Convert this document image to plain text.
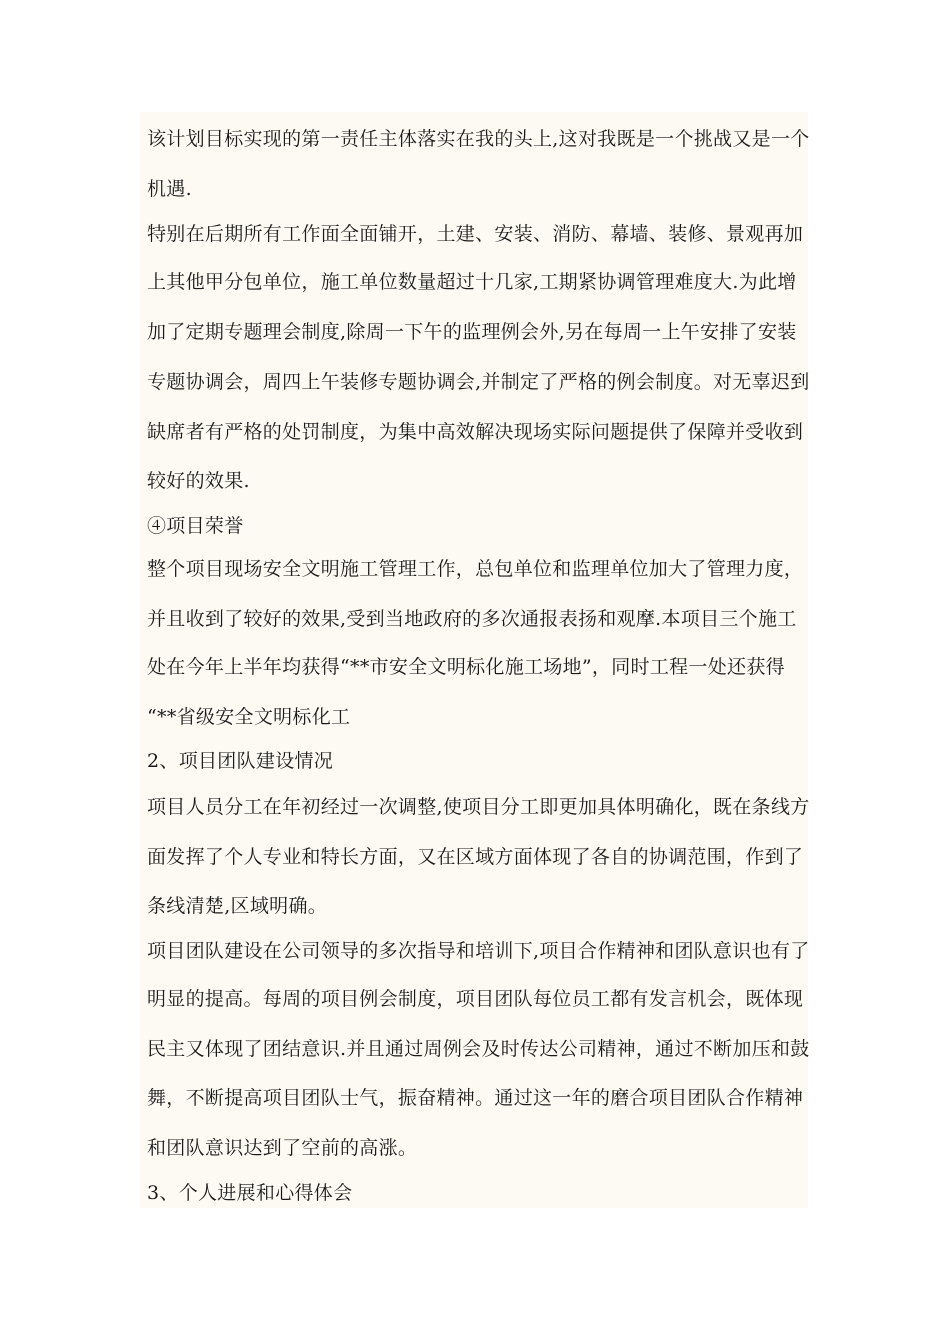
该计划目标实现的第一责任主体落实在我的头上,这对我既是一个挑战又是一个
机遇.
特别在后期所有工作面全面铺开，土建、安装、消防、幕墙、装修、景观再加
上其他甲分包单位，施工单位数量超过十几家,工期紧协调管理难度大.为此增
加了定期专题理会制度,除周一下午的监理例会外,另在每周一上午安排了安装
专题协调会，周四上午装修专题协调会,并制定了严格的例会制度。对无辜迟到
缺席者有严格的处罚制度，为集中高效解决现场实际问题提供了保障并受收到
较好的效果.
④项目荣誉
整个项目现场安全文明施工管理工作，总包单位和监理单位加大了管理力度，
并且收到了较好的效果,受到当地政府的多次通报表扬和观摩.本项目三个施工
处在今年上半年均获得“**市安全文明标化施工场地”，同时工程一处还获得
“**省级安全文明标化工
2、项目团队建设情况
项目人员分工在年初经过一次调整,使项目分工即更加具体明确化，既在条线方
面发挥了个人专业和特长方面，又在区域方面体现了各自的协调范围，作到了
条线清楚,区域明确。
项目团队建设在公司领导的多次指导和培训下,项目合作精神和团队意识也有了
明显的提高。每周的项目例会制度，项目团队每位员工都有发言机会，既体现
民主又体现了团结意识.并且通过周例会及时传达公司精神，通过不断加压和鼓
舞，不断提高项目团队士气，振奋精神。通过这一年的磨合项目团队合作精神
和团队意识达到了空前的高涨。
3、个人进展和心得体会
